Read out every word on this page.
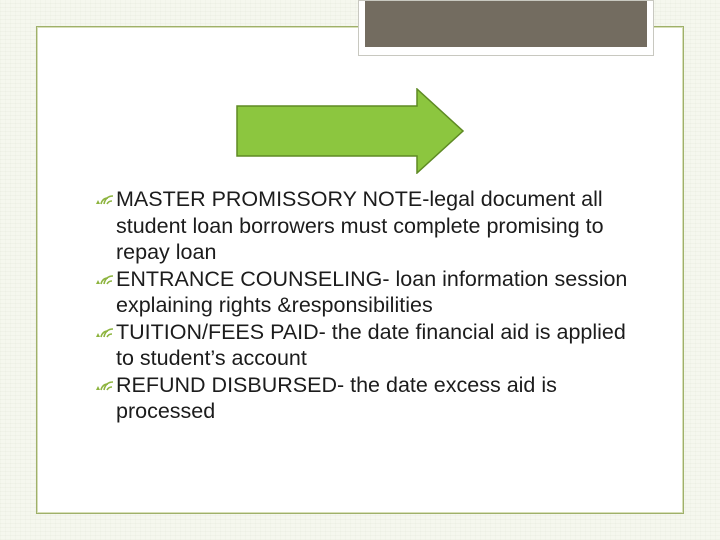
MASTER PROMISSORY NOTE-legal document all student loan borrowers must complete promising to repay loan

ENTRANCE COUNSELING- loan information session explaining rights &responsibilities

TUITION/FEES PAID- the date financial aid is applied to student’s account

REFUND DISBURSED- the date excess aid is processed
